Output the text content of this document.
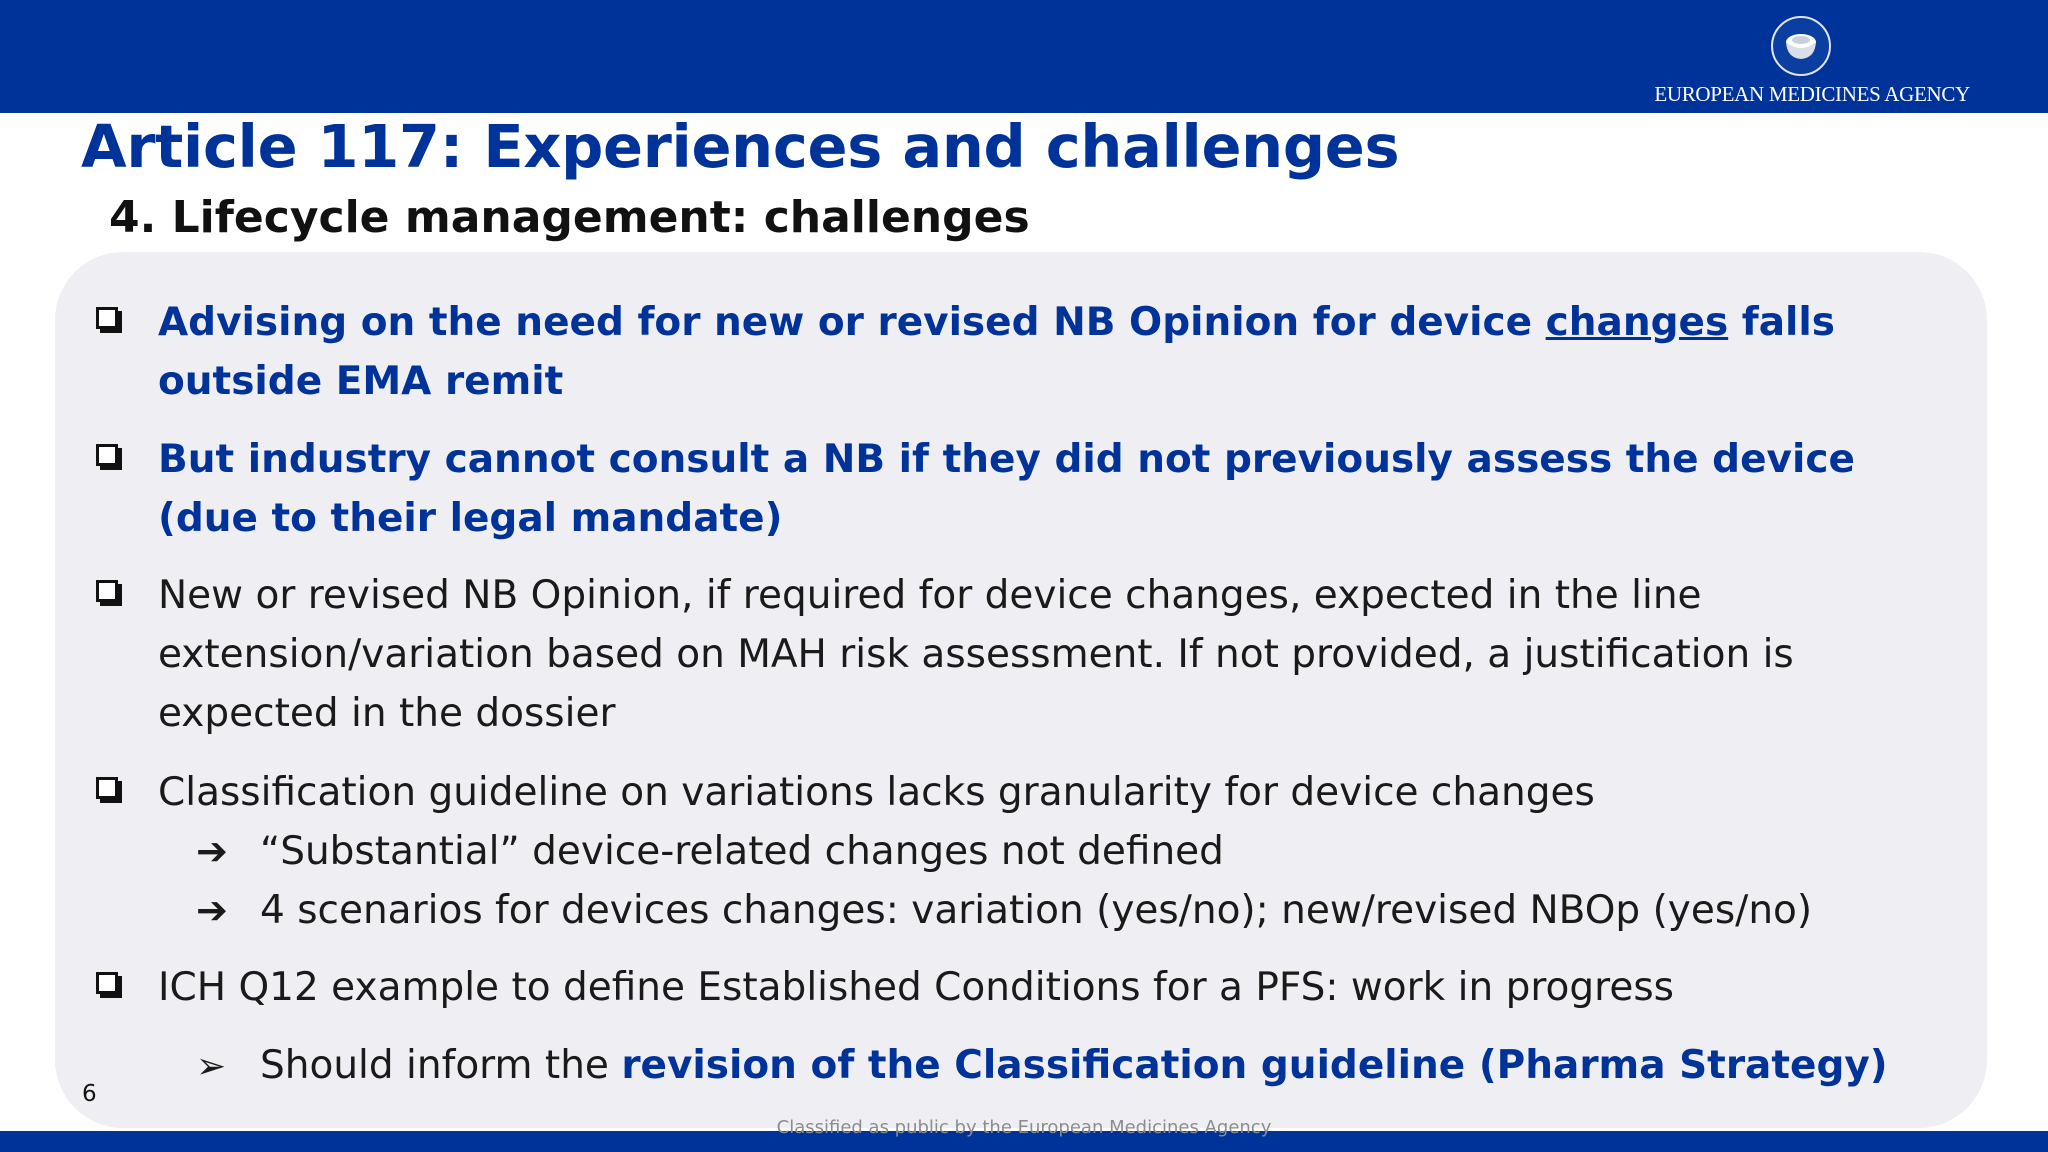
EUROPEAN MEDICINES AGENCY
Article 117: Experiences and challenges
4. Lifecycle management: challenges
Advising on the need for new or revised NB Opinion for device changes falls outside EMA remit
But industry cannot consult a NB if they did not previously assess the device (due to their legal mandate)
New or revised NB Opinion, if required for device changes, expected in the line extension/variation based on MAH risk assessment. If not provided, a justification is expected in the dossier
Classification guideline on variations lacks granularity for device changes
➔ “Substantial” device-related changes not defined
➔ 4 scenarios for devices changes: variation (yes/no); new/revised NBOp (yes/no)
ICH Q12 example to define Established Conditions for a PFS: work in progress
➢ Should inform the revision of the Classification guideline (Pharma Strategy)
6
Classified as public by the European Medicines Agency
